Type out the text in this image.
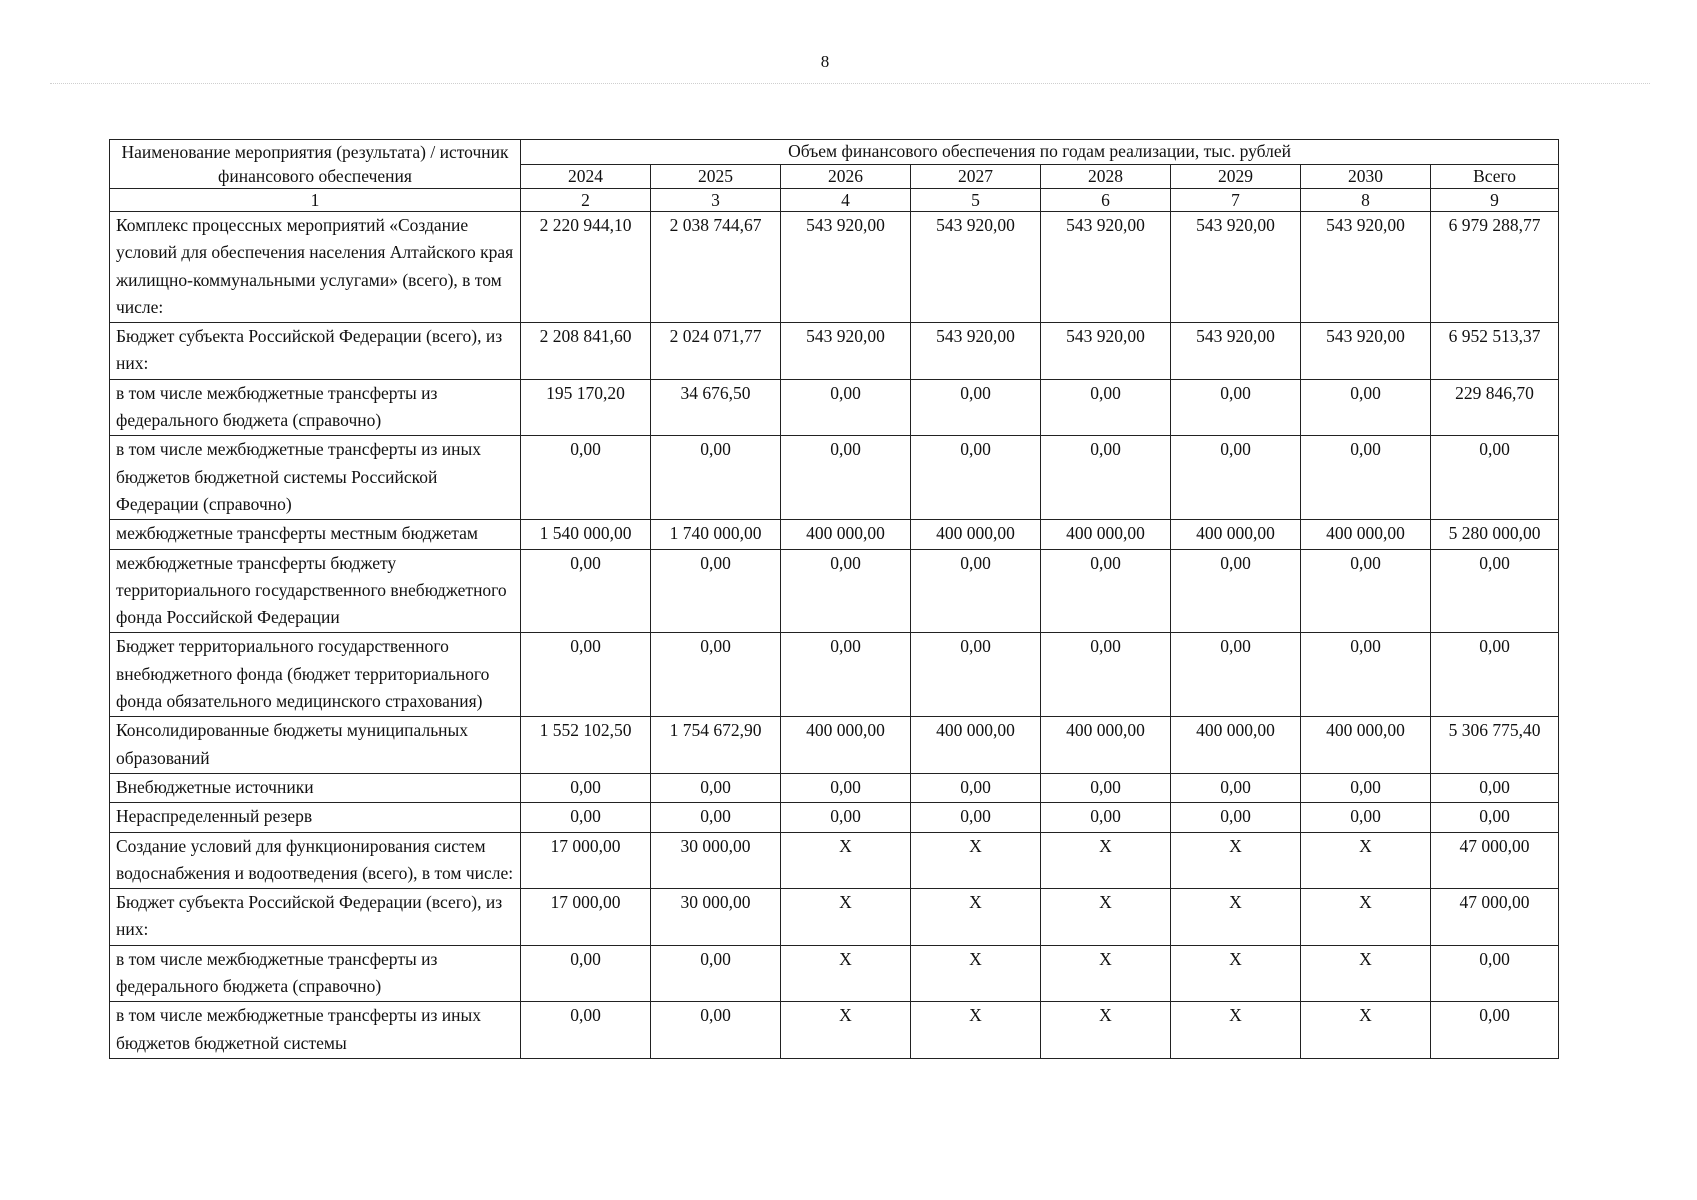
8
Наименование мероприятия (результата) / источник финансового обеспечения	Объем финансового обеспечения по годам реализации, тыс. рублей							
	2024	2025	2026	2027	2028	2029	2030	Всего
1	2	3	4	5	6	7	8	9
Комплекс процессных мероприятий «Создание условий для обеспечения населения Алтайского края жилищно-коммунальными услугами» (всего), в том числе:	2 220 944,10	2 038 744,67	543 920,00	543 920,00	543 920,00	543 920,00	543 920,00	6 979 288,77
Бюджет субъекта Российской Федерации (всего), из них:	2 208 841,60	2 024 071,77	543 920,00	543 920,00	543 920,00	543 920,00	543 920,00	6 952 513,37
в том числе межбюджетные трансферты из федерального бюджета (справочно)	195 170,20	34 676,50	0,00	0,00	0,00	0,00	0,00	229 846,70
в том числе межбюджетные трансферты из иных бюджетов бюджетной системы Российской Федерации (справочно)	0,00	0,00	0,00	0,00	0,00	0,00	0,00	0,00
межбюджетные трансферты местным бюджетам	1 540 000,00	1 740 000,00	400 000,00	400 000,00	400 000,00	400 000,00	400 000,00	5 280 000,00
межбюджетные трансферты бюджету территориального государственного внебюджетного фонда Российской Федерации	0,00	0,00	0,00	0,00	0,00	0,00	0,00	0,00
Бюджет территориального государственного внебюджетного фонда (бюджет территориального фонда обязательного медицинского страхования)	0,00	0,00	0,00	0,00	0,00	0,00	0,00	0,00
Консолидированные бюджеты муниципальных образований	1 552 102,50	1 754 672,90	400 000,00	400 000,00	400 000,00	400 000,00	400 000,00	5 306 775,40
Внебюджетные источники	0,00	0,00	0,00	0,00	0,00	0,00	0,00	0,00
Нераспределенный резерв	0,00	0,00	0,00	0,00	0,00	0,00	0,00	0,00
Создание условий для функционирования систем водоснабжения и водоотведения (всего), в том числе:	17 000,00	30 000,00	X	X	X	X	X	47 000,00
Бюджет субъекта Российской Федерации (всего), из них:	17 000,00	30 000,00	X	X	X	X	X	47 000,00
в том числе межбюджетные трансферты из федерального бюджета (справочно)	0,00	0,00	X	X	X	X	X	0,00
в том числе межбюджетные трансферты из иных бюджетов бюджетной системы	0,00	0,00	X	X	X	X	X	0,00
